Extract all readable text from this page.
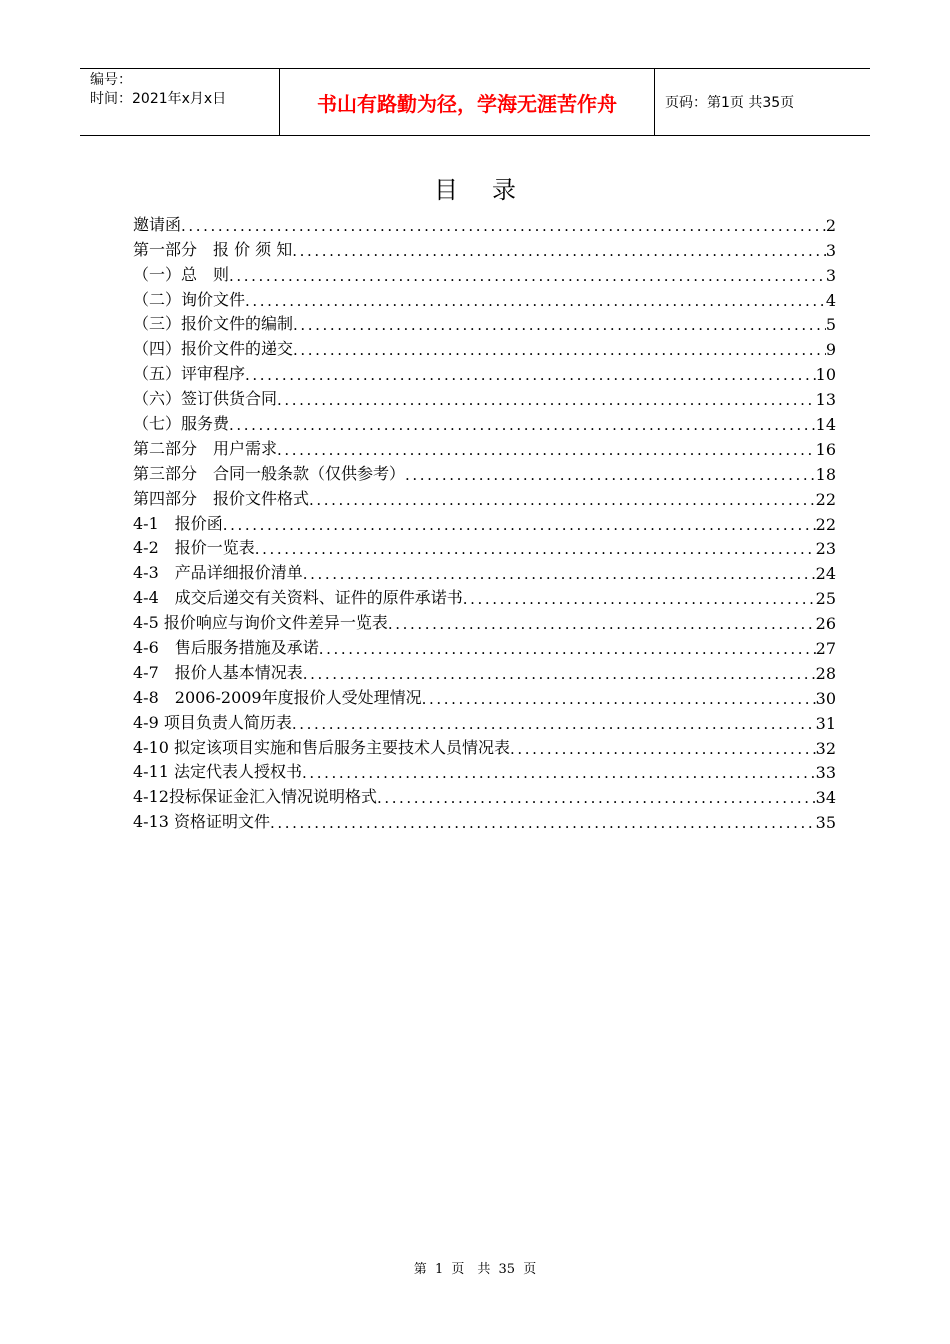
编号：
时间：2021年x月x日	书山有路勤为径，学海无涯苦作舟	页码：第1页 共35页
目录
邀请函 .....	2
第一部分　报 价 须 知 .....	3
（一）总　则 .....	3
（二）询价文件 .....	4
（三）报价文件的编制 .....	5
（四）报价文件的递交 .....	9
（五）评审程序 .....	10
（六）签订供货合同 .....	13
（七）服务费 .....	14
第二部分　用户需求 .....	16
第三部分　合同一般条款（仅供参考） .....	18
第四部分　报价文件格式 .....	22
4-1　报价函 .....	22
4-2　报价一览表 .....	23
4-3　产品详细报价清单 .....	24
4-4　成交后递交有关资料、证件的原件承诺书 .....	25
4-5 报价响应与询价文件差异一览表 .....	26
4-6　售后服务措施及承诺 .....	27
4-7　报价人基本情况表 .....	28
4-8　2006-2009年度报价人受处理情况 .....	30
4-9 项目负责人简历表 .....	31
4-10 拟定该项目实施和售后服务主要技术人员情况表 .....	32
4-11 法定代表人授权书 .....	33
4-12投标保证金汇入情况说明格式 .....	34
4-13 资格证明文件 .....	35
第 1 页　共 35 页
